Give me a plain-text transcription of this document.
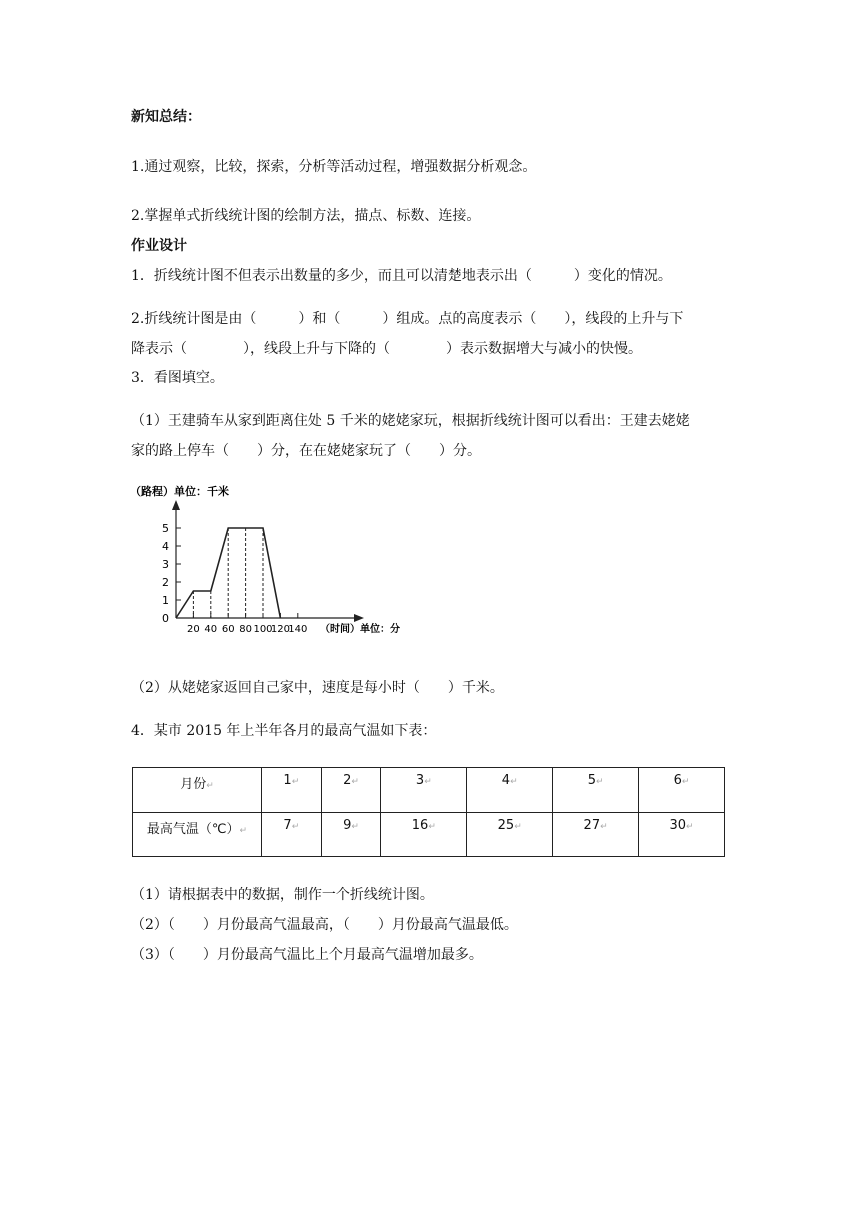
新知总结：
1.通过观察，比较，探索，分析等活动过程，增强数据分析观念。
2.掌握单式折线统计图的绘制方法，描点、标数、连接。
作业设计
1．折线统计图不但表示出数量的多少，而且可以清楚地表示出（　　　）变化的情况。
2.折线统计图是由（　　　）和（　　　）组成。点的高度表示（　　），线段的上升与下
降表示（　　　　），线段上升与下降的（　　　　）表示数据增大与减小的快慢。
3．看图填空。
（1）王建骑车从家到距离住处 5 千米的姥姥家玩，根据折线统计图可以看出：王建去姥姥
家的路上停车（　　）分，在在姥姥家玩了（　　）分。
（路程）单位：千米
（时间）单位：分
0
1
2
3
4
5
20 40 60 80 100
120
140
（2）从姥姥家返回自己家中，速度是每小时（　　）千米。
4．某市 2015 年上半年各月的最高气温如下表：
月份↵	1↵	2↵	3↵	4↵	5↵	6↵
最高气温（℃）↵	7↵	9↵	16↵	25↵	27↵	30↵
（1）请根据表中的数据，制作一个折线统计图。
（2）（　　）月份最高气温最高，（　　）月份最高气温最低。
（3）（　　）月份最高气温比上个月最高气温增加最多。
